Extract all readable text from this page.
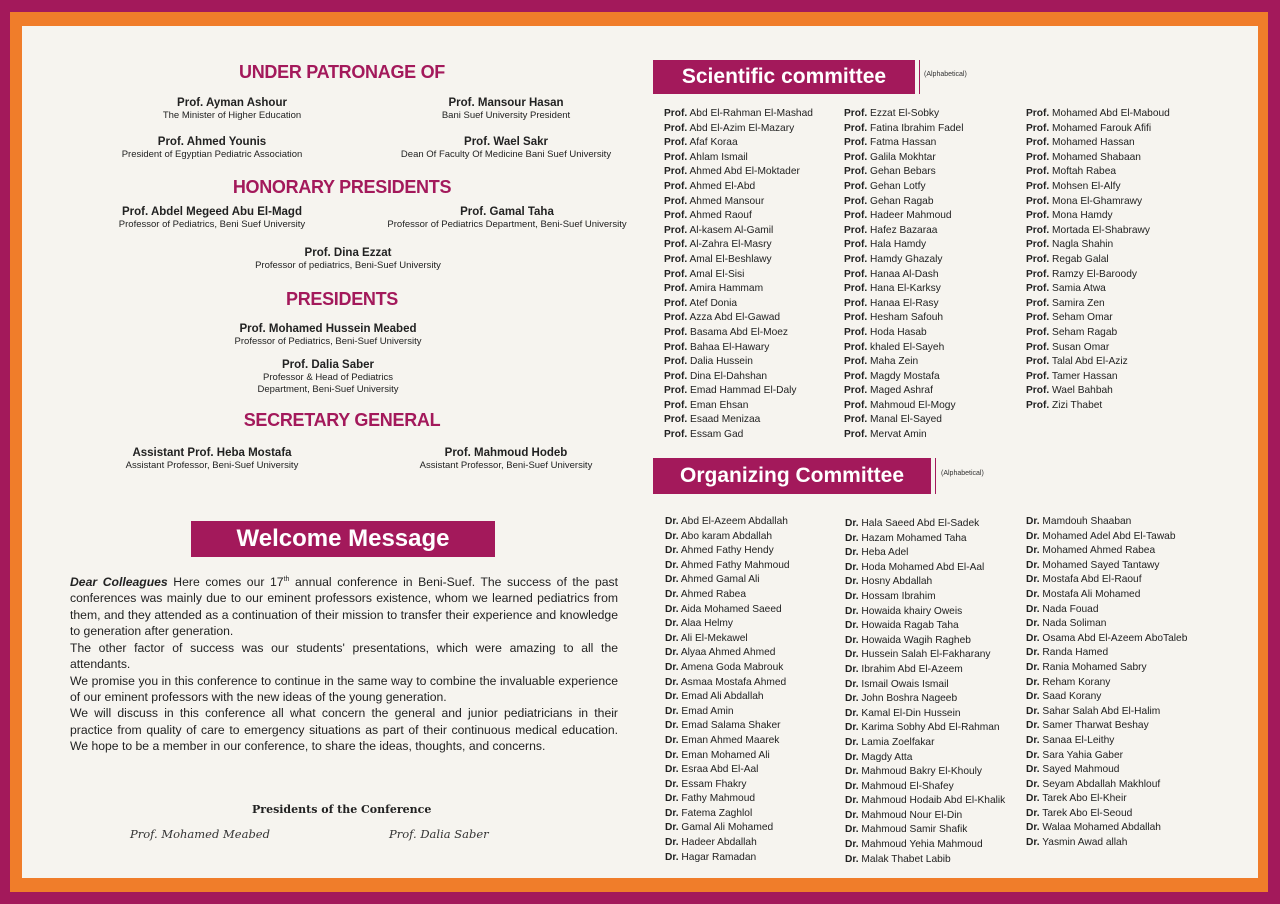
UNDER PATRONAGE OF
Prof. Ayman Ashour
The Minister of Higher Education
Prof. Mansour Hasan
Bani Suef University President
Prof. Ahmed Younis
President of Egyptian Pediatric Association
Prof. Wael Sakr
Dean Of Faculty Of Medicine Bani Suef University
HONORARY PRESIDENTS
Prof. Abdel Megeed Abu El-Magd
Professor of Pediatrics, Beni Suef University
Prof. Gamal Taha
Professor of Pediatrics Department, Beni-Suef University
Prof. Dina Ezzat
Professor of pediatrics, Beni-Suef University
PRESIDENTS
Prof. Mohamed Hussein Meabed
Professor of Pediatrics, Beni-Suef University
Prof. Dalia Saber
Professor & Head of Pediatrics
Department, Beni-Suef University
SECRETARY GENERAL
Assistant Prof. Heba Mostafa
Assistant Professor, Beni-Suef University
Prof. Mahmoud Hodeb
Assistant Professor, Beni-Suef University
Welcome Message

Dear Colleagues Here comes our 17th annual conference in Beni-Suef. The success of the past conferences was mainly due to our eminent professors existence, whom we learned pediatrics from them, and they attended as a continuation of their mission to transfer their experience and knowledge to generation after generation.

The other factor of success was our students' presentations, which were amazing to all the attendants.

We promise you in this conference to continue in the same way to combine the invaluable experience of our eminent professors with the new ideas of the young generation.

We will discuss in this conference all what concern the general and junior pediatricians in their practice from quality of care to emergency situations as part of their continuous medical education. We hope to be a member in our conference, to share the ideas, thoughts, and concerns.

Presidents of the Conference
Prof. Mohamed Meabed	Prof. Dalia Saber
Scientific committee	(Alphabetical)
Prof. Abd El-Rahman El-Mashad
Prof. Abd El-Azim El-Mazary
Prof. Afaf Koraa
Prof. Ahlam Ismail
Prof. Ahmed Abd El-Moktader
Prof. Ahmed El-Abd
Prof. Ahmed Mansour
Prof. Ahmed Raouf
Prof. Al-kasem Al-Gamil
Prof. Al-Zahra El-Masry
Prof. Amal El-Beshlawy
Prof. Amal El-Sisi
Prof. Amira Hammam
Prof. Atef Donia
Prof. Azza Abd El-Gawad
Prof. Basama Abd El-Moez
Prof. Bahaa El-Hawary
Prof. Dalia Hussein
Prof. Dina El-Dahshan
Prof. Emad Hammad El-Daly
Prof. Eman Ehsan
Prof. Esaad Menizaa
Prof. Essam Gad
Prof. Ezzat El-Sobky
Prof. Fatina Ibrahim Fadel
Prof. Fatma Hassan
Prof. Galila Mokhtar
Prof. Gehan Bebars
Prof. Gehan Lotfy
Prof. Gehan Ragab
Prof. Hadeer Mahmoud
Prof. Hafez Bazaraa
Prof. Hala Hamdy
Prof. Hamdy Ghazaly
Prof. Hanaa Al-Dash
Prof. Hana El-Karksy
Prof. Hanaa El-Rasy
Prof. Hesham Safouh
Prof. Hoda Hasab
Prof. khaled El-Sayeh
Prof. Maha Zein
Prof. Magdy Mostafa
Prof. Maged Ashraf
Prof. Mahmoud El-Mogy
Prof. Manal El-Sayed
Prof. Mervat Amin
Prof. Mohamed Abd El-Maboud
Prof. Mohamed Farouk Afifi
Prof. Mohamed Hassan
Prof. Mohamed Shabaan
Prof. Moftah Rabea
Prof. Mohsen El-Alfy
Prof. Mona El-Ghamrawy
Prof. Mona Hamdy
Prof. Mortada El-Shabrawy
Prof. Nagla Shahin
Prof. Regab Galal
Prof. Ramzy El-Baroody
Prof. Samia Atwa
Prof. Samira Zen
Prof. Seham Omar
Prof. Seham Ragab
Prof. Susan Omar
Prof. Talal Abd El-Aziz
Prof. Tamer Hassan
Prof. Wael Bahbah
Prof. Zizi Thabet
Organizing Committee	(Alphabetical)
Dr. Abd El-Azeem Abdallah
Dr. Abo karam Abdallah
Dr. Ahmed Fathy Hendy
Dr. Ahmed Fathy Mahmoud
Dr. Ahmed Gamal Ali
Dr. Ahmed Rabea
Dr. Aida Mohamed Saeed
Dr. Alaa Helmy
Dr. Ali El-Mekawel
Dr. Alyaa Ahmed Ahmed
Dr. Amena Goda Mabrouk
Dr. Asmaa Mostafa Ahmed
Dr. Emad Ali Abdallah
Dr. Emad Amin
Dr. Emad Salama Shaker
Dr. Eman Ahmed Maarek
Dr. Eman Mohamed Ali
Dr. Esraa Abd El-Aal
Dr. Essam Fhakry
Dr. Fathy Mahmoud
Dr. Fatema Zaghlol
Dr. Gamal Ali Mohamed
Dr. Hadeer Abdallah
Dr. Hagar Ramadan
Dr. Hala Saeed Abd El-Sadek
Dr. Hazam Mohamed Taha
Dr. Heba Adel
Dr. Hoda Mohamed Abd El-Aal
Dr. Hosny Abdallah
Dr. Hossam Ibrahim
Dr. Howaida khairy Oweis
Dr. Howaida Ragab Taha
Dr. Howaida Wagih Ragheb
Dr. Hussein Salah El-Fakharany
Dr. Ibrahim Abd El-Azeem
Dr. Ismail Owais Ismail
Dr. John Boshra Nageeb
Dr. Kamal El-Din Hussein
Dr. Karima Sobhy Abd El-Rahman
Dr. Lamia Zoelfakar
Dr. Magdy Atta
Dr. Mahmoud Bakry El-Khouly
Dr. Mahmoud El-Shafey
Dr. Mahmoud Hodaib Abd El-Khalik
Dr. Mahmoud Nour El-Din
Dr. Mahmoud Samir Shafik
Dr. Mahmoud Yehia Mahmoud
Dr. Malak Thabet Labib
Dr. Mamdouh Shaaban
Dr. Mohamed Adel Abd El-Tawab
Dr. Mohamed Ahmed Rabea
Dr. Mohamed Sayed Tantawy
Dr. Mostafa Abd El-Raouf
Dr. Mostafa Ali Mohamed
Dr. Nada Fouad
Dr. Nada Soliman
Dr. Osama Abd El-Azeem AboTaleb
Dr. Randa Hamed
Dr. Rania Mohamed Sabry
Dr. Reham Korany
Dr. Saad Korany
Dr. Sahar Salah Abd El-Halim
Dr. Samer Tharwat Beshay
Dr. Sanaa El-Leithy
Dr. Sara Yahia Gaber
Dr. Sayed Mahmoud
Dr. Seyam Abdallah Makhlouf
Dr. Tarek Abo El-Kheir
Dr. Tarek Abo El-Seoud
Dr. Walaa Mohamed Abdallah
Dr. Yasmin Awad allah
